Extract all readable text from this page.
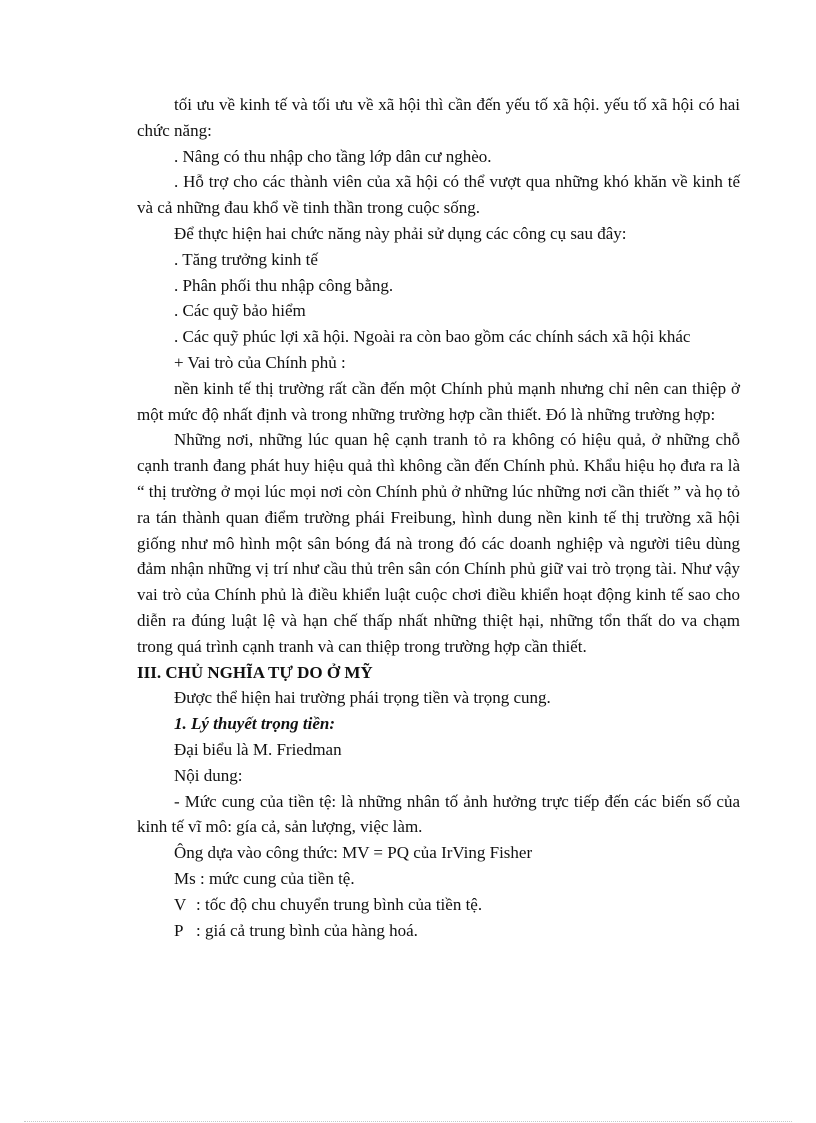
tối ưu về kinh tế và tối ưu về xã hội thì cần đến yếu tố xã hội. yếu tố xã hội có hai chức năng:

. Nâng có thu nhập cho tầng lớp dân cư nghèo.

. Hỗ trợ cho các thành viên của xã hội có thể vượt qua những khó khăn về kinh tế và cả những đau khổ về tinh thần trong cuộc sống.

Để thực hiện hai chức năng này phải sử dụng các công cụ sau đây:

. Tăng trưởng kinh tế

. Phân phối thu nhập công bằng.

. Các quỹ bảo hiểm

. Các quỹ phúc lợi xã hội. Ngoài ra còn bao gồm các chính sách xã hội khác

+ Vai trò của Chính phủ :

nền kinh tế thị trường rất cần đến một Chính phủ mạnh nhưng chỉ nên can thiệp ở một mức độ nhất định và trong những trường hợp cần thiết. Đó là những trường hợp:

Những nơi, những lúc quan hệ cạnh tranh tỏ ra không có hiệu quả, ở những chỗ cạnh tranh đang phát huy hiệu quả thì không cần đến Chính phủ. Khẩu hiệu họ đưa ra là “ thị trường ở mọi lúc mọi nơi còn Chính phủ ở những lúc những nơi cần thiết ” và họ tỏ ra tán thành quan điểm trường phái Freibung, hình dung nền kinh tế thị trường xã hội giống như mô hình một sân bóng đá nà trong đó các doanh nghiệp và người tiêu dùng đảm nhận những vị trí như cầu thủ trên sân cón Chính phủ giữ vai trò trọng tài. Như vậy vai trò của Chính phủ là điều khiển luật cuộc chơi điều khiển hoạt động kinh tế sao cho diễn ra đúng luật lệ và hạn chế thấp nhất những thiệt hại, những tổn thất do va chạm trong quá trình cạnh tranh và can thiệp trong trường hợp cần thiết.

III. CHỦ NGHĨA TỰ DO Ở MỸ

Được thể hiện hai trường phái trọng tiền và trọng cung.

1. Lý thuyết trọng tiền:

Đại biểu là M. Friedman

Nội dung:

- Mức cung của tiền tệ: là những nhân tố ảnh hưởng trực tiếp đến các biến số của kinh tế vĩ mô: gía cả, sản lượng, việc làm.

Ông dựa vào công thức: MV = PQ của IrVing Fisher

Ms : mức cung của tiền tệ.

V : tốc độ chu chuyển trung bình của tiền tệ.
P : giá cả trung bình của hàng hoá.
